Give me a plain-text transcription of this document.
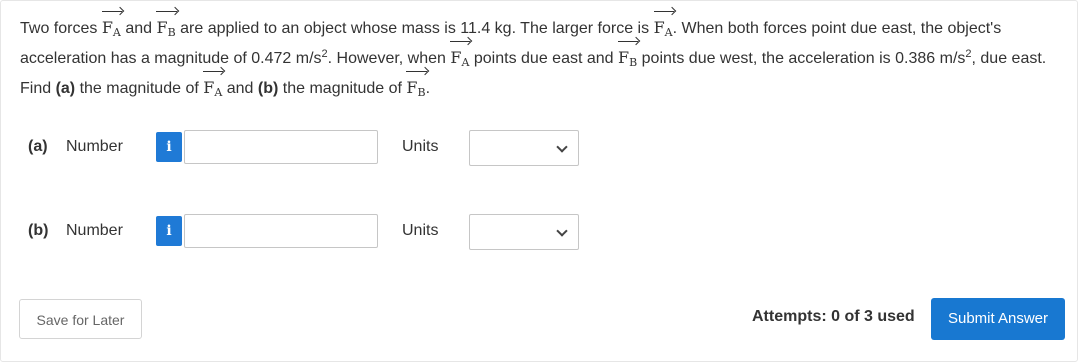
Two forces
$F_A$ and
$F_B$ are applied to an object whose mass is 11.4 kg. The larger force is
$F_A$. When both forces point due east, the object's acceleration has a magnitude of 0.472 $m/s^2$. However, when
$F_A$ points due east and
$F_B$ points due west, the acceleration is 0.386 $m/s^2$, due east. Find (a) the magnitude of
$F_A$ and (b) the magnitude of
$F_B$.
(a) Number	i	Units
(b) Number	i	Units
Save for Later	Attempts: 0 of 3 used	Submit Answer
